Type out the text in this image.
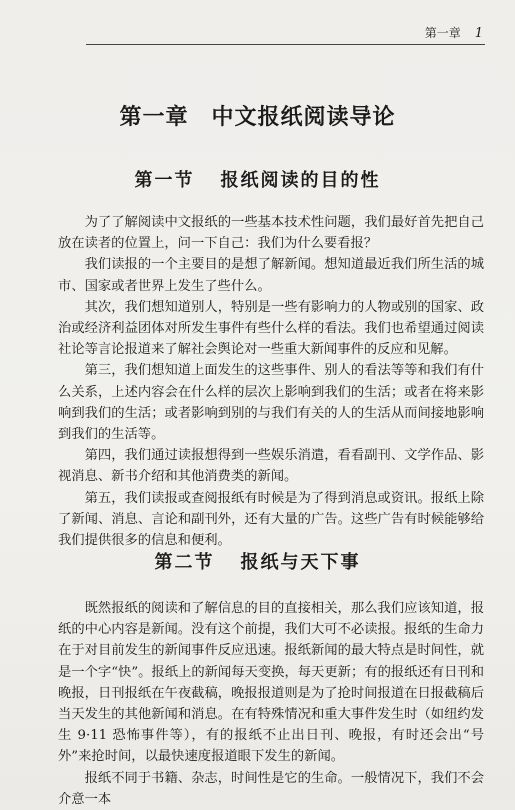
第一章 1
第一章　中文报纸阅读导论
第一节 报纸阅读的目的性

为了了解阅读中文报纸的一些基本技术性问题，我们最好首先把自己放在读者的位置上，问一下自己：我们为什么要看报？

我们读报的一个主要目的是想了解新闻。想知道最近我们所生活的城市、国家或者世界上发生了些什么。

其次，我们想知道别人，特别是一些有影响力的人物或别的国家、政治或经济利益团体对所发生事件有些什么样的看法。我们也希望通过阅读社论等言论报道来了解社会舆论对一些重大新闻事件的反应和见解。

第三，我们想知道上面发生的这些事件、别人的看法等等和我们有什么关系，上述内容会在什么样的层次上影响到我们的生活；或者在将来影响到我们的生活；或者影响到别的与我们有关的人的生活从而间接地影响到我们的生活等。

第四，我们通过读报想得到一些娱乐消遣，看看副刊、文学作品、影视消息、新书介绍和其他消费类的新闻。

第五，我们读报或查阅报纸有时候是为了得到消息或资讯。报纸上除了新闻、消息、言论和副刊外，还有大量的广告。这些广告有时候能够给我们提供很多的信息和便利。

第二节 报纸与天下事

既然报纸的阅读和了解信息的目的直接相关，那么我们应该知道，报纸的中心内容是新闻。没有这个前提，我们大可不必读报。报纸的生命力在于对目前发生的新闻事件反应迅速。报纸新闻的最大特点是时间性，就是一个字“快”。报纸上的新闻每天变换，每天更新；有的报纸还有日刊和晚报，日刊报纸在午夜截稿，晚报报道则是为了抢时间报道在日报截稿后当天发生的其他新闻和消息。在有特殊情况和重大事件发生时（如纽约发生 9·11 恐怖事件等），有的报纸不止出日刊、晚报，有时还会出“号外”来抢时间，以最快速度报道眼下发生的新闻。

报纸不同于书籍、杂志，时间性是它的生命。一般情况下，我们不会介意一本
